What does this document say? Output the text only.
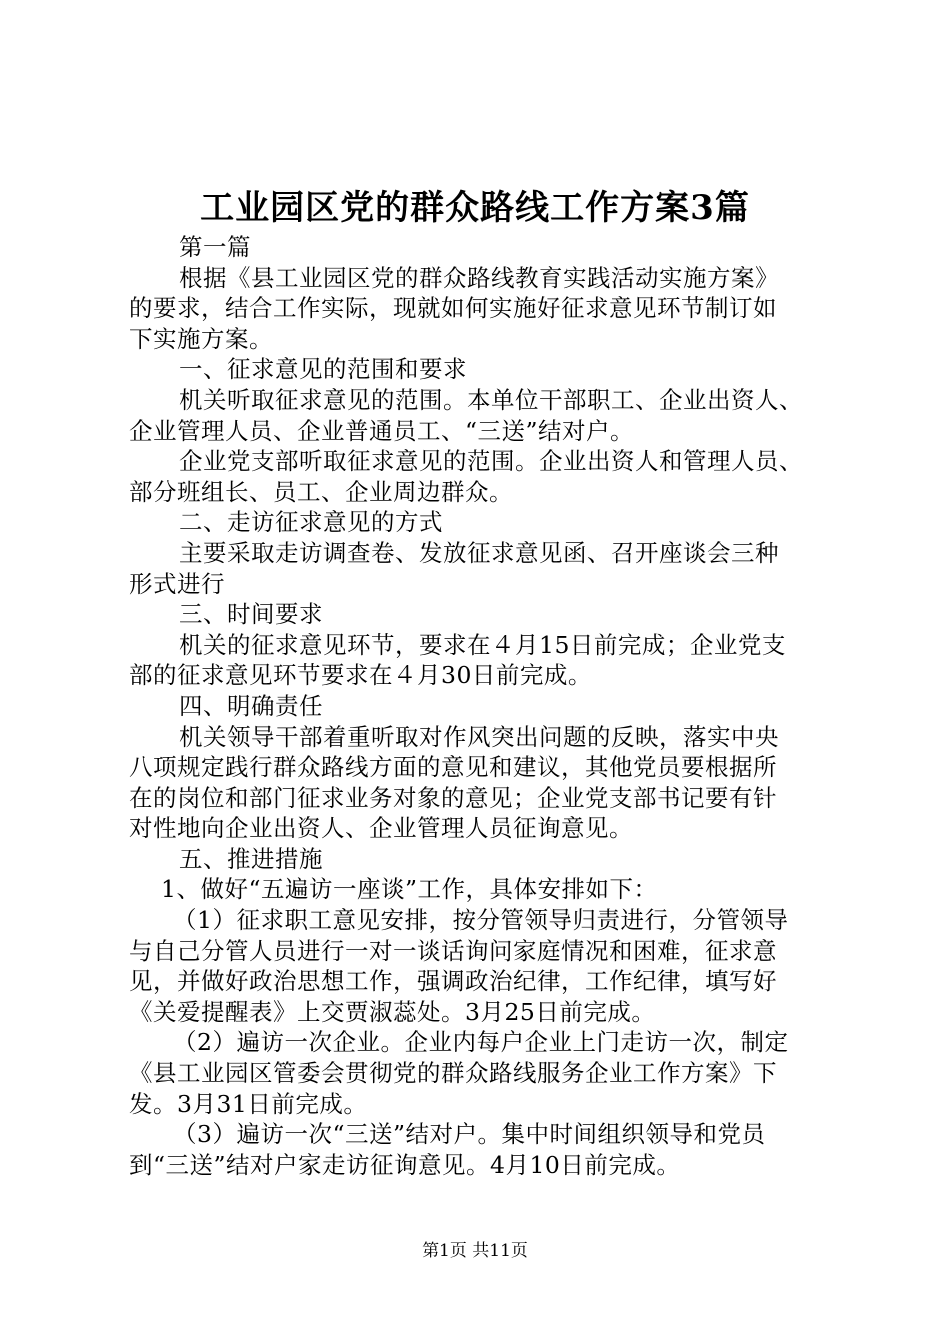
工业园区党的群众路线工作方案3篇
第一篇
根据《县工业园区党的群众路线教育实践活动实施方案》
的要求，结合工作实际，现就如何实施好征求意见环节制订如
下实施方案。
一、征求意见的范围和要求
机关听取征求意见的范围。本单位干部职工、企业出资人、
企业管理人员、企业普通员工、“三送”结对户。
企业党支部听取征求意见的范围。企业出资人和管理人员、
部分班组长、员工、企业周边群众。
二、走访征求意见的方式
主要采取走访调查卷、发放征求意见函、召开座谈会三种
形式进行
三、时间要求
机关的征求意见环节，要求在４月15日前完成；企业党支
部的征求意见环节要求在４月30日前完成。
四、明确责任
机关领导干部着重听取对作风突出问题的反映，落实中央
八项规定践行群众路线方面的意见和建议，其他党员要根据所
在的岗位和部门征求业务对象的意见；企业党支部书记要有针
对性地向企业出资人、企业管理人员征询意见。
五、推进措施
1、做好“五遍访一座谈”工作，具体安排如下：
（1）征求职工意见安排，按分管领导归责进行，分管领导
与自己分管人员进行一对一谈话询问家庭情况和困难，征求意
见，并做好政治思想工作，强调政治纪律，工作纪律，填写好
《关爱提醒表》上交贾淑蕊处。3月25日前完成。
（2）遍访一次企业。企业内每户企业上门走访一次，制定
《县工业园区管委会贯彻党的群众路线服务企业工作方案》下
发。3月31日前完成。
（3）遍访一次“三送”结对户。集中时间组织领导和党员
到“三送”结对户家走访征询意见。4月10日前完成。
第1页 共11页
